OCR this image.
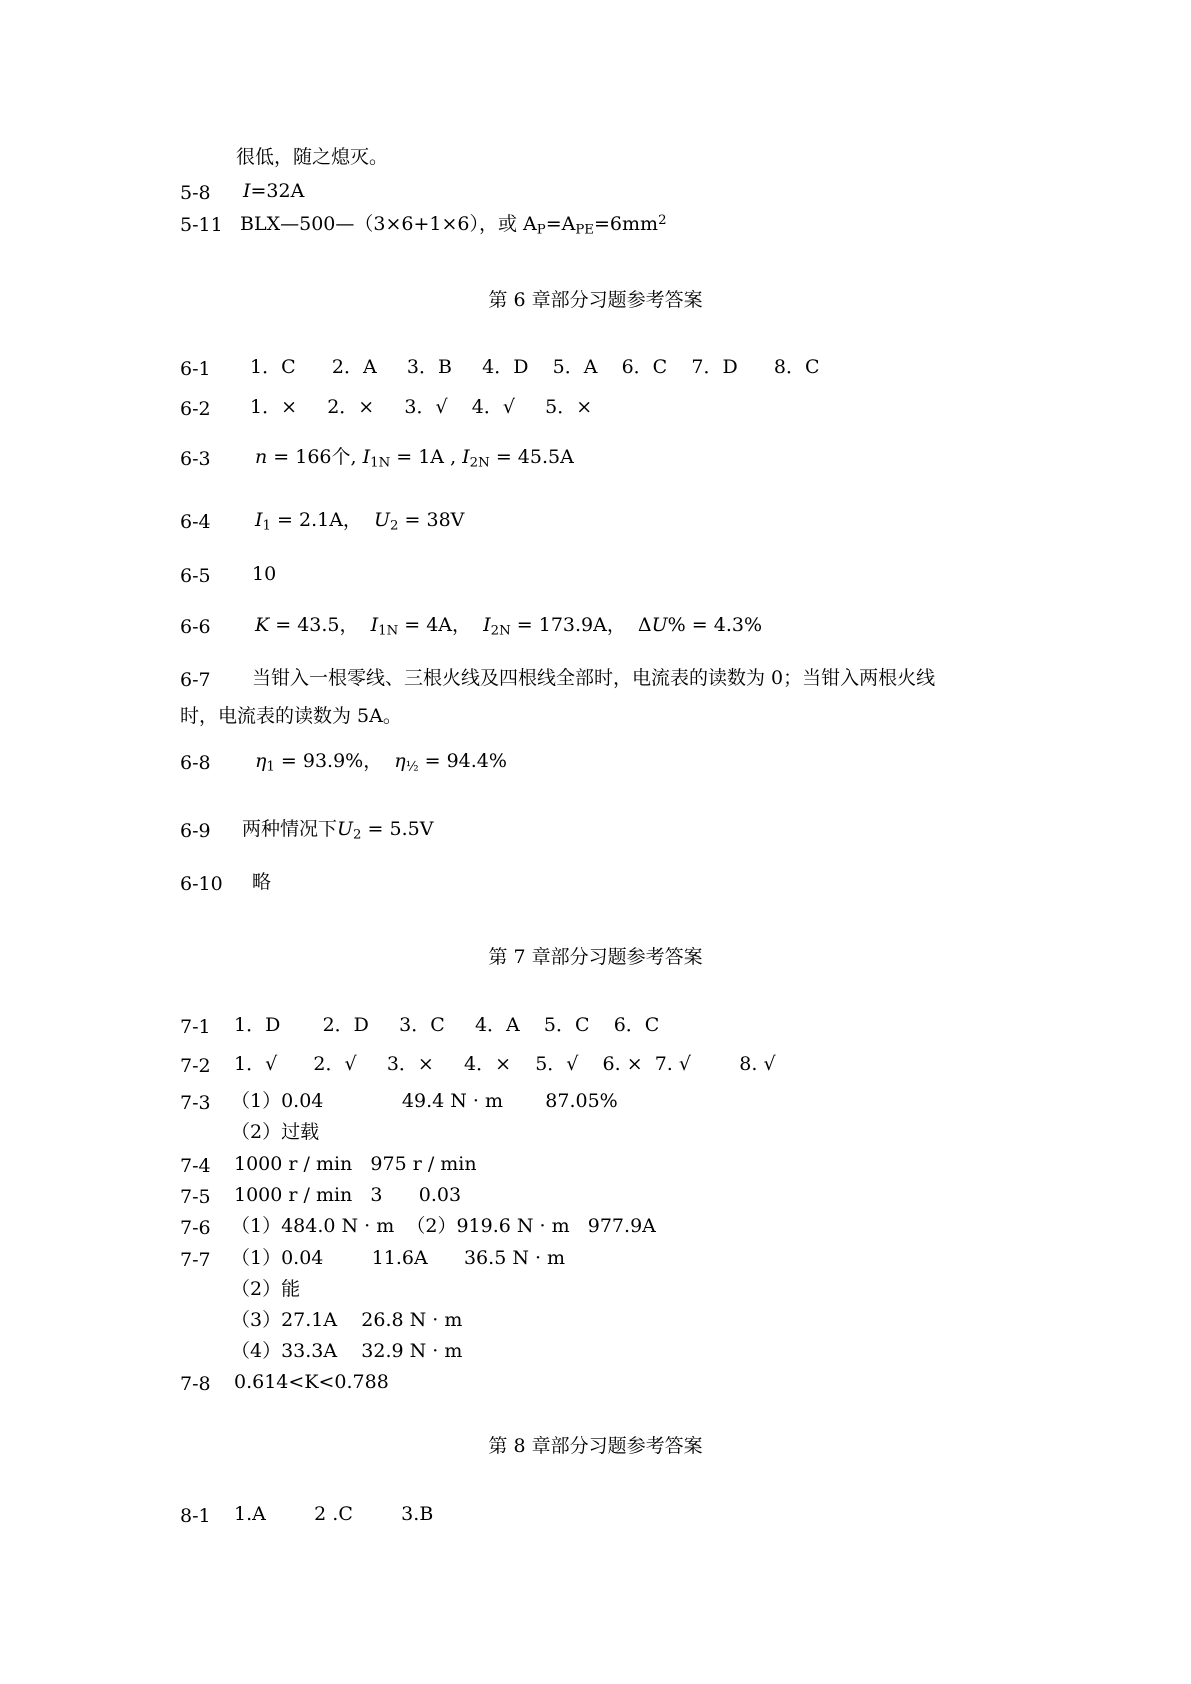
很低，随之熄灭。
5-8 I=32A
5-11 BLX—500—（3×6+1×6），或 $A_P=A_{PE}=6mm^2$
第 6 章部分习题参考答案
6-1 1．C      2．A     3．B     4．D    5．A    6．C    7．D      8．C
6-2 1．×     2．×     3．√    4．√     5．×
6-3 n = 166个, $I_{1N} = 1A$ , $I_{2N} = 45.5A$
6-4 $I_1 = 2.1A$，  $U_2 = 38V$
6-5 10
6-6 K = 43.5，  $I_{1N} = 4A$，  $I_{2N} = 173.9A$，  ΔU% = 4.3%
6-7 当钳入一根零线、三根火线及四根线全部时，电流表的读数为 0；当钳入两根火线
时，电流表的读数为 5A。
6-8 $\eta_1 = 93.9\%$，  $\eta_{\frac{1}{2}} = 94.4\%$
6-9 两种情况下$U_2 = 5.5V$
6-10 略
第 7 章部分习题参考答案
7-1 1．D       2．D     3．C     4．A    5．C    6．C
7-2 1．√      2．√     3．×     4．×    5．√    6. ×  7. √        8. √
7-3 （1）0.04             49.4 N · m       87.05%
（2）过载
7-4 1000 r / min   975 r / min
7-5 1000 r / min   3      0.03
7-6 （1）484.0 N · m  （2）919.6 N · m   977.9A
7-7 （1）0.04        11.6A      36.5 N · m
（2）能
（3）27.1A    26.8 N · m
（4）33.3A    32.9 N · m
7-8 0.614<K<0.788
第 8 章部分习题参考答案
8-1 1.A        2 .C        3.B
